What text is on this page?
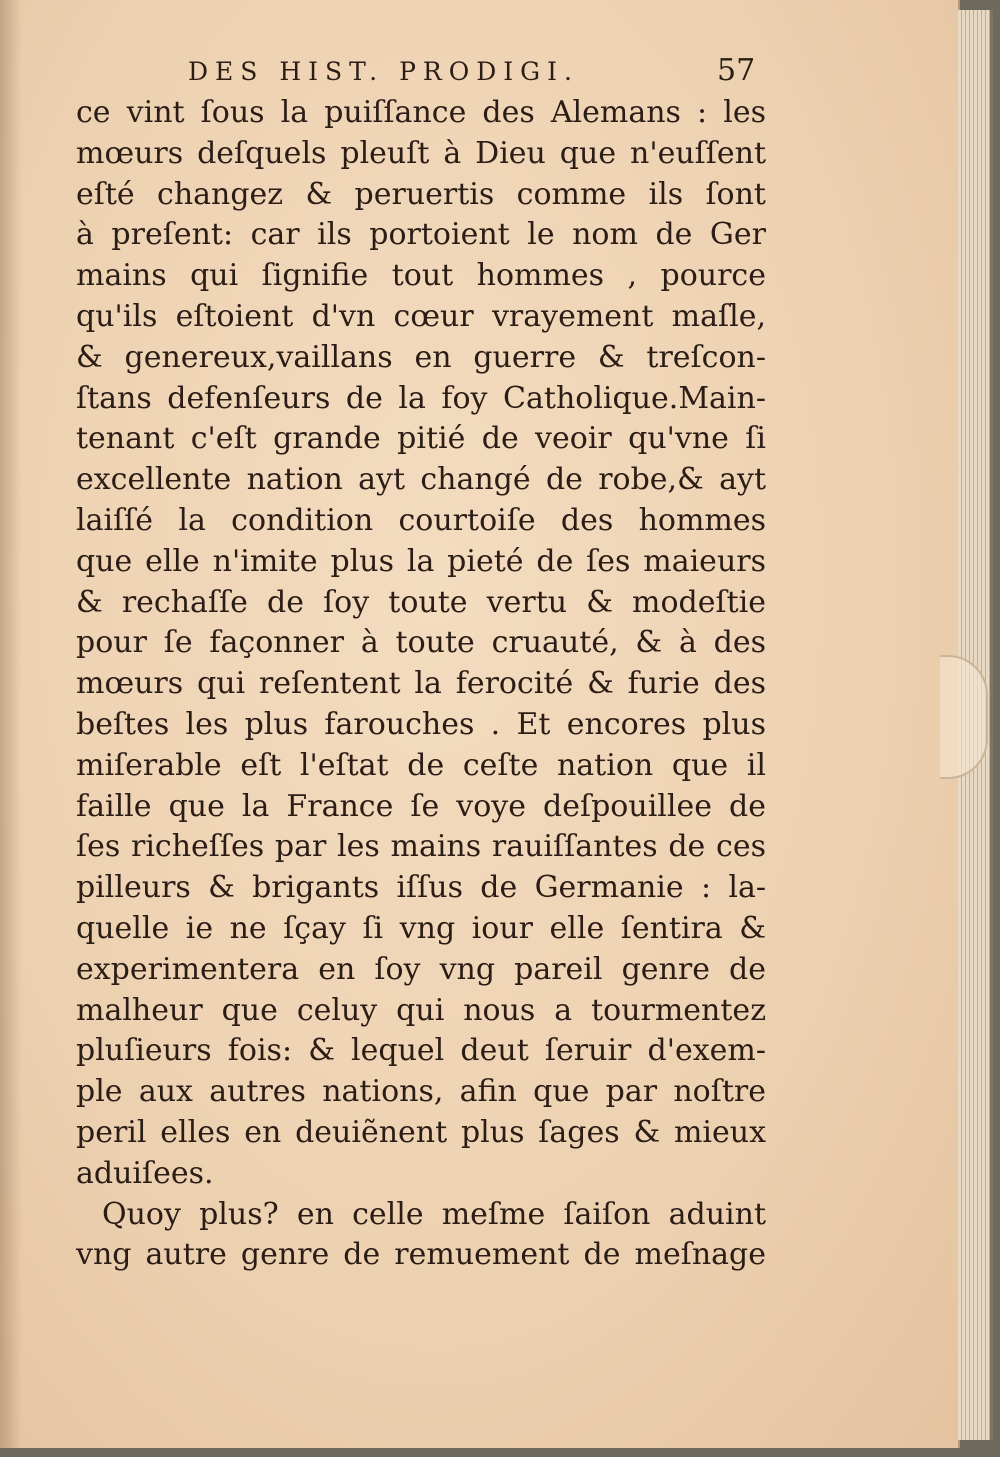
DES HIST. PRODIGI.	57
ce vint ſous la puiſſance des Alemans : les
mœurs deſquels pleuſt à Dieu que n'euſſent
eſté changez & peruertis comme ils ſont
à preſent: car ils portoient le nom de Ger
mains qui ſignifie tout hommes , pource
qu'ils eſtoient d'vn cœur vrayement maſle,
& genereux,vaillans en guerre & treſcon-
ſtans defenſeurs de la foy Catholique.Main-
tenant c'eſt grande pitié de veoir qu'vne ſi
excellente nation ayt changé de robe,& ayt
laiſſé la condition courtoiſe des hommes
que elle n'imite plus la pieté de ſes maieurs
& rechaſſe de ſoy toute vertu & modeſtie
pour ſe façonner à toute cruauté, & à des
mœurs qui reſentent la ferocité & furie des
beſtes les plus farouches . Et encores plus
miſerable eſt l'eſtat de ceſte nation que il
faille que la France ſe voye deſpouillee de
ſes richeſſes par les mains rauiſſantes de ces
pilleurs & brigants iſſus de Germanie : la-
quelle ie ne ſçay ſi vng iour elle ſentira &
experimentera en ſoy vng pareil genre de
malheur que celuy qui nous a tourmentez
pluſieurs fois: & lequel deut ſeruir d'exem-
ple aux autres nations, afin que par noſtre
peril elles en deuiẽnent plus ſages & mieux
aduiſees.
Quoy plus? en celle meſme ſaiſon aduint
vng autre genre de remuement de meſnage
